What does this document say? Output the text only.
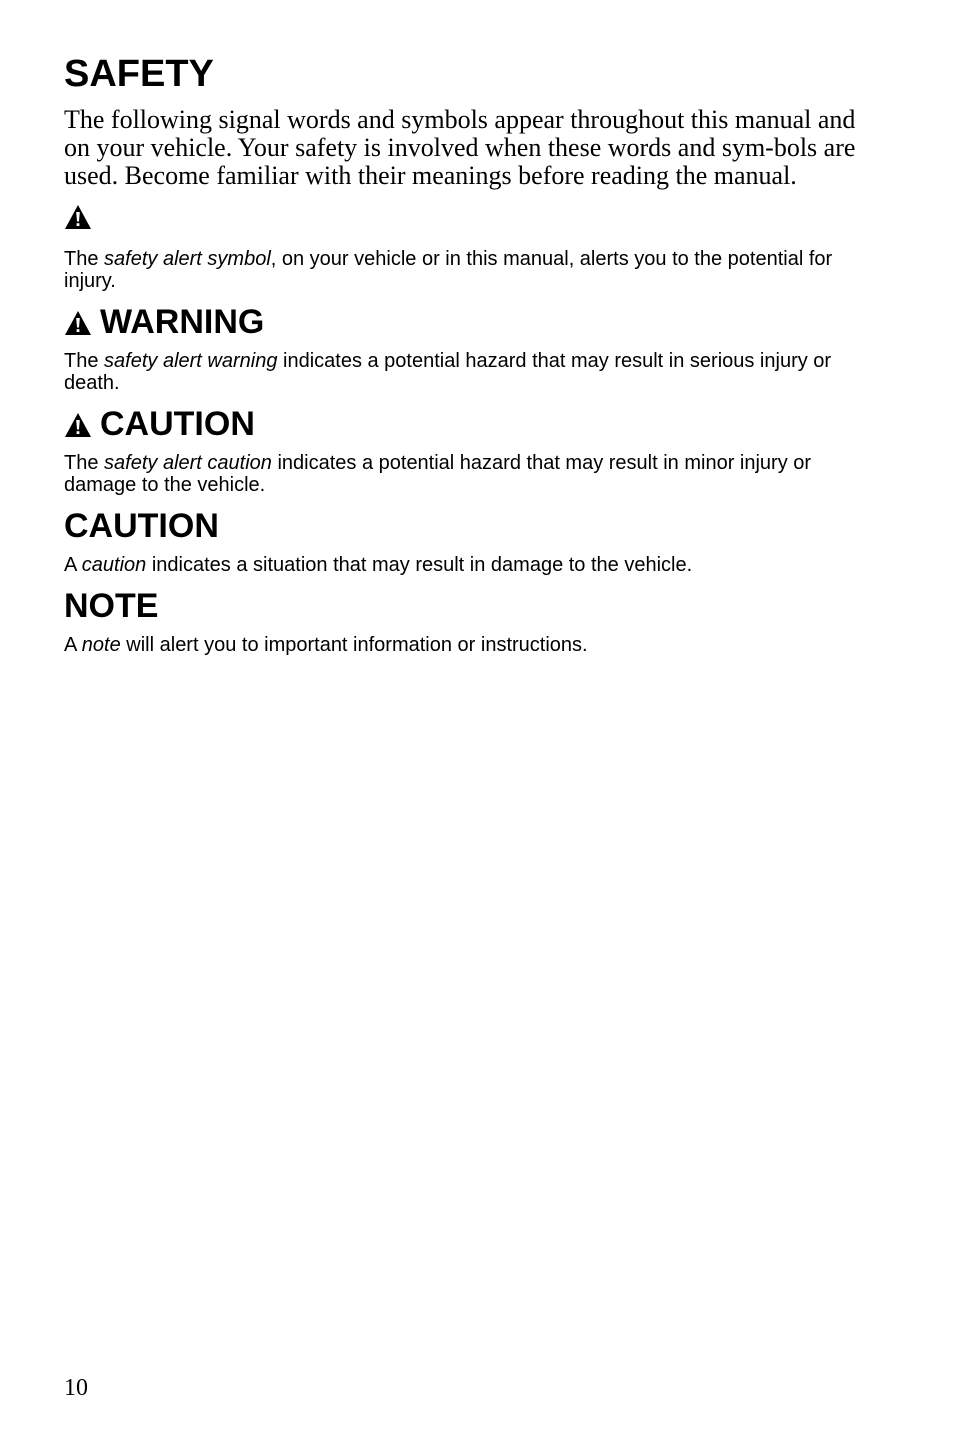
SAFETY

The following signal words and symbols appear throughout this manual and on your vehicle. Your safety is involved when these words and sym-bols are used. Become familiar with their meanings before reading the manual.

The safety alert symbol, on your vehicle or in this manual, alerts you to the potential for injury.

WARNING

The safety alert warning indicates a potential hazard that may result in serious injury or death.

CAUTION

The safety alert caution indicates a potential hazard that may result in minor injury or damage to the vehicle.

CAUTION

A caution indicates a situation that may result in damage to the vehicle.

NOTE

A note will alert you to important information or instructions.

10
